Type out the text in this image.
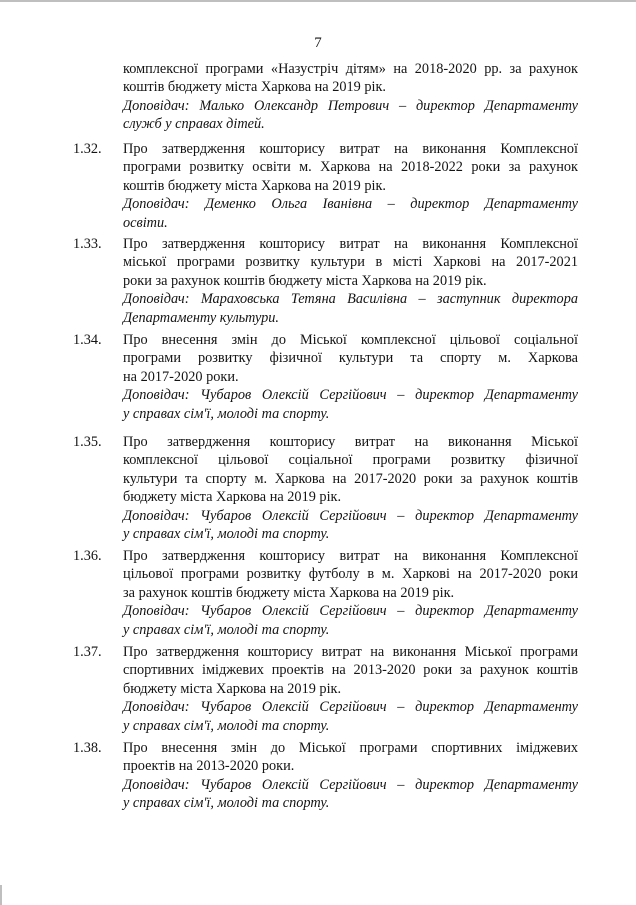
7
комплексної програми «Назустріч дітям» на 2018-2020 рр. за рахунок
коштів бюджету міста Харкова на 2019 рік.
Доповідач: Малько Олександр Петрович – директор Департаменту
служб у справах дітей.
1.32. Про затвердження кошторису витрат на виконання Комплексної
програми розвитку освіти м. Харкова на 2018-2022 роки за рахунок
коштів бюджету міста Харкова на 2019 рік.
Доповідач: Деменко Ольга Іванівна – директор Департаменту
освіти.
1.33. Про затвердження кошторису витрат на виконання Комплексної
міської програми розвитку культури в місті Харкові на 2017-2021
роки за рахунок коштів бюджету міста Харкова на 2019 рік.
Доповідач: Мараховська Тетяна Василівна – заступник директора
Департаменту культури.
1.34. Про внесення змін до Міської комплексної цільової соціальної
програми розвитку фізичної культури та спорту м. Харкова
на 2017-2020 роки.
Доповідач: Чубаров Олексій Сергійович – директор Департаменту
у справах сім'ї, молоді та спорту.
1.35. Про затвердження кошторису витрат на виконання Міської
комплексної цільової соціальної програми розвитку фізичної
культури та спорту м. Харкова на 2017-2020 роки за рахунок коштів
бюджету міста Харкова на 2019 рік.
Доповідач: Чубаров Олексій Сергійович – директор Департаменту
у справах сім'ї, молоді та спорту.
1.36. Про затвердження кошторису витрат на виконання Комплексної
цільової програми розвитку футболу в м. Харкові на 2017-2020 роки
за рахунок коштів бюджету міста Харкова на 2019 рік.
Доповідач: Чубаров Олексій Сергійович – директор Департаменту
у справах сім'ї, молоді та спорту.
1.37. Про затвердження кошторису витрат на виконання Міської програми
спортивних іміджевих проектів на 2013-2020 роки за рахунок коштів
бюджету міста Харкова на 2019 рік.
Доповідач: Чубаров Олексій Сергійович – директор Департаменту
у справах сім'ї, молоді та спорту.
1.38. Про внесення змін до Міської програми спортивних іміджевих
проектів на 2013-2020 роки.
Доповідач: Чубаров Олексій Сергійович – директор Департаменту
у справах сім'ї, молоді та спорту.
